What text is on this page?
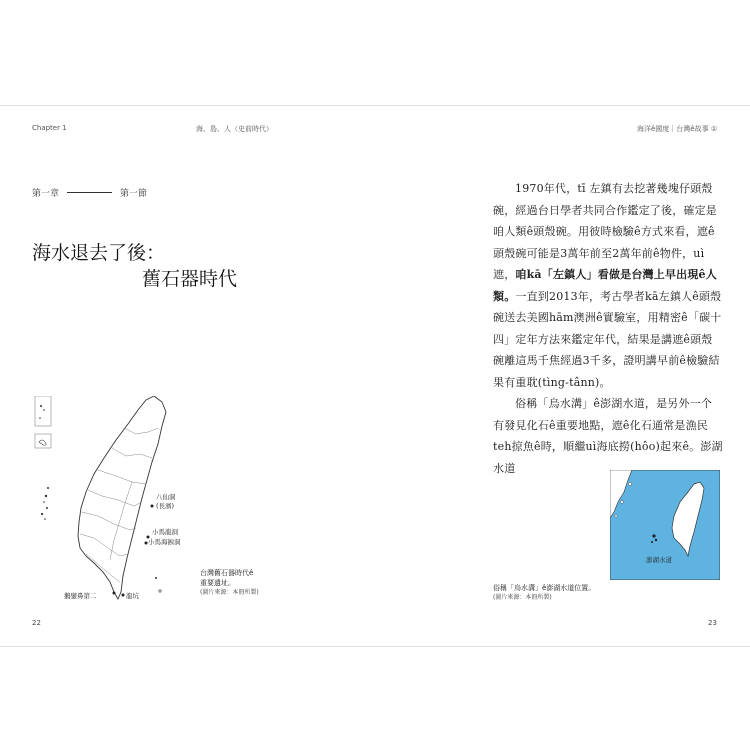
Chapter 1	海、島、人（史前時代）
第一章	第一節
海水退去了後：
舊石器時代
八仙洞
(長濱)
小馬龍洞
小馬海蝕洞
鵝鑾鼻第二	龍坑
台灣舊石器時代ê
重要遺址。
(圖片來源：本冊所製)
22
海洋ê國度｜台灣ê故事 ①

1970年代，tī 左鎮有去挖著幾塊仔頭殼碗，經過台日學者共同合作鑑定了後，確定是咱人類ê頭殼碗。用彼時檢驗ê方式來看，遮ê頭殼碗可能是3萬年前至2萬年前ê物件，uì 遮，咱kā「左鎮人」看做是台灣上早出現ê人類。一直到2013年，考古學者kā左鎮人ê頭殼碗送去美國hām澳洲ê實驗室，用精密ê「碳十四」定年方法來鑑定年代，結果是講遮ê頭殼碗離這馬千焦經過3千多，證明講早前ê檢驗結果有重耽(tìng-tânn)。

俗稱「烏水溝」ê澎湖水道，是另外一个有發見化石ê重要地點，遮ê化石通常是漁民teh掠魚ê時，順繼uì海底撈(hôo)起來ê。澎湖水道

澎湖水道
俗稱「烏水溝」ê澎湖水道位置。
(圖片來源：本冊所製)
23
